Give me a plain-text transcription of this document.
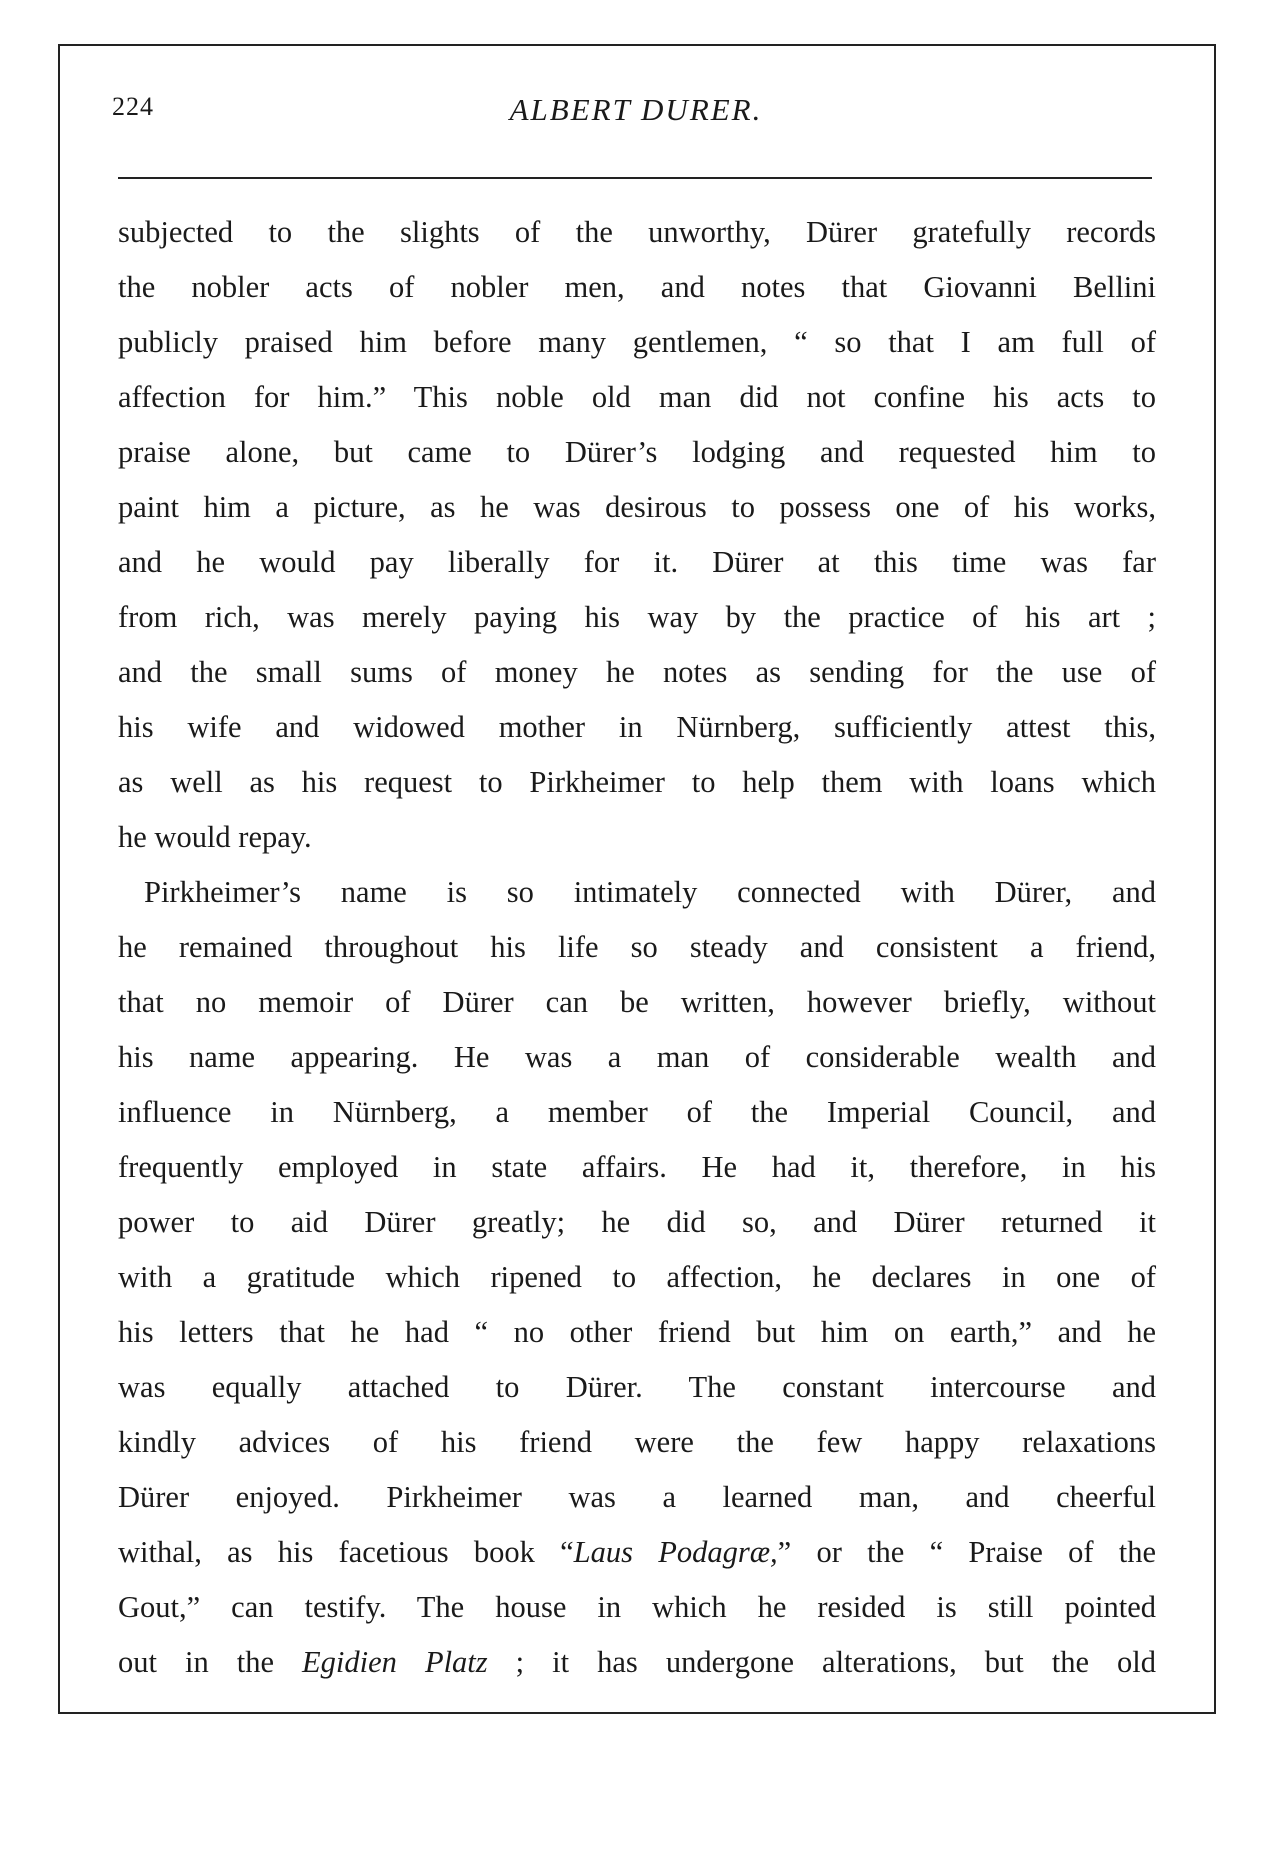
224	ALBERT DURER.
subjected to the slights of the unworthy, Dürer gratefully records
the nobler acts of nobler men, and notes that Giovanni Bellini
publicly praised him before many gentlemen, “ so that I am full of
affection for him.” This noble old man did not confine his acts to
praise alone, but came to Dürer’s lodging and requested him to
paint him a picture, as he was desirous to possess one of his works,
and he would pay liberally for it. Dürer at this time was far
from rich, was merely paying his way by the practice of his art ;
and the small sums of money he notes as sending for the use of
his wife and widowed mother in Nürnberg, sufficiently attest this,
as well as his request to Pirkheimer to help them with loans which
he would repay.
Pirkheimer’s name is so intimately connected with Dürer, and
he remained throughout his life so steady and consistent a friend,
that no memoir of Dürer can be written, however briefly, without
his name appearing. He was a man of considerable wealth and
influence in Nürnberg, a member of the Imperial Council, and
frequently employed in state affairs. He had it, therefore, in his
power to aid Dürer greatly; he did so, and Dürer returned it
with a gratitude which ripened to affection, he declares in one of
his letters that he had “ no other friend but him on earth,” and he
was equally attached to Dürer. The constant intercourse and
kindly advices of his friend were the few happy relaxations
Dürer enjoyed. Pirkheimer was a learned man, and cheerful
withal, as his facetious book “Laus Podagræ,” or the “ Praise of the
Gout,” can testify. The house in which he resided is still pointed
out in the Egidien Platz ; it has undergone alterations, but the old
